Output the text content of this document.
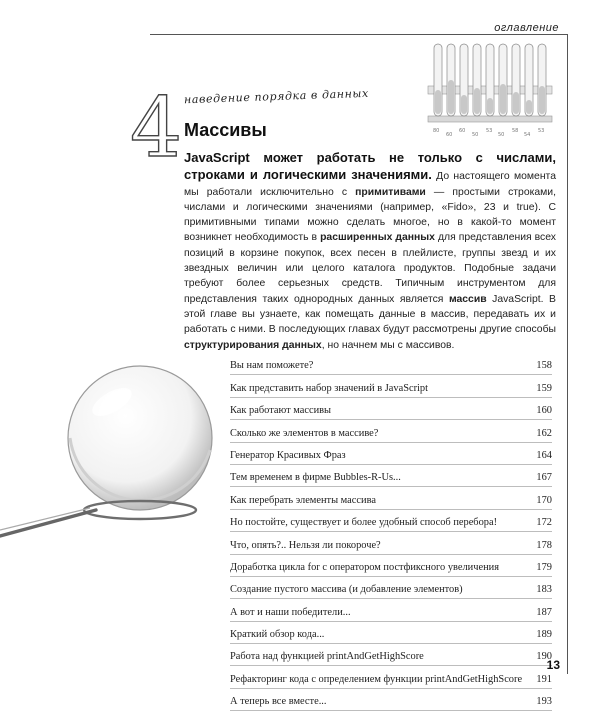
оглавление
80
60
60
50
53
50
58
54
53
4 наведение порядка в данных
Массивы
JavaScript может работать не только с числами, строками и логическими значениями. До настоящего момента мы работали исключительно с примитивами — простыми строками, числами и логическими значениями (например, «Fido», 23 и true). С примитивными типами можно сделать многое, но в какой-то момент возникнет необходимость в расширенных данных для представления всех позиций в корзине покупок, всех песен в плейлисте, группы звезд и их звездных величин или целого каталога продуктов. Подобные задачи требуют более серьезных средств. Типичным инструментом для представления таких однородных данных является массив JavaScript. В этой главе вы узнаете, как помещать данные в массив, передавать их и работать с ними. В последующих главах будут рассмотрены другие способы структурирования данных, но начнем мы с массивов.
Вы нам поможете?	158
Как представить набор значений в JavaScript	159
Как работают массивы	160
Сколько же элементов в массиве?	162
Генератор Красивых Фраз	164
Тем временем в фирме Bubbles-R-Us...	167
Как перебрать элементы массива	170
Но постойте, существует и более удобный способ перебора!	172
Что, опять?.. Нельзя ли покороче?	178
Доработка цикла for с оператором постфиксного увеличения	179
Создание пустого массива (и добавление элементов)	183
А вот и наши победители...	187
Краткий обзор кода...	189
Работа над функцией printAndGetHighScore	190
Рефакторинг кода с определением функции printAndGetHighScore 191
А теперь все вместе...	193
13
